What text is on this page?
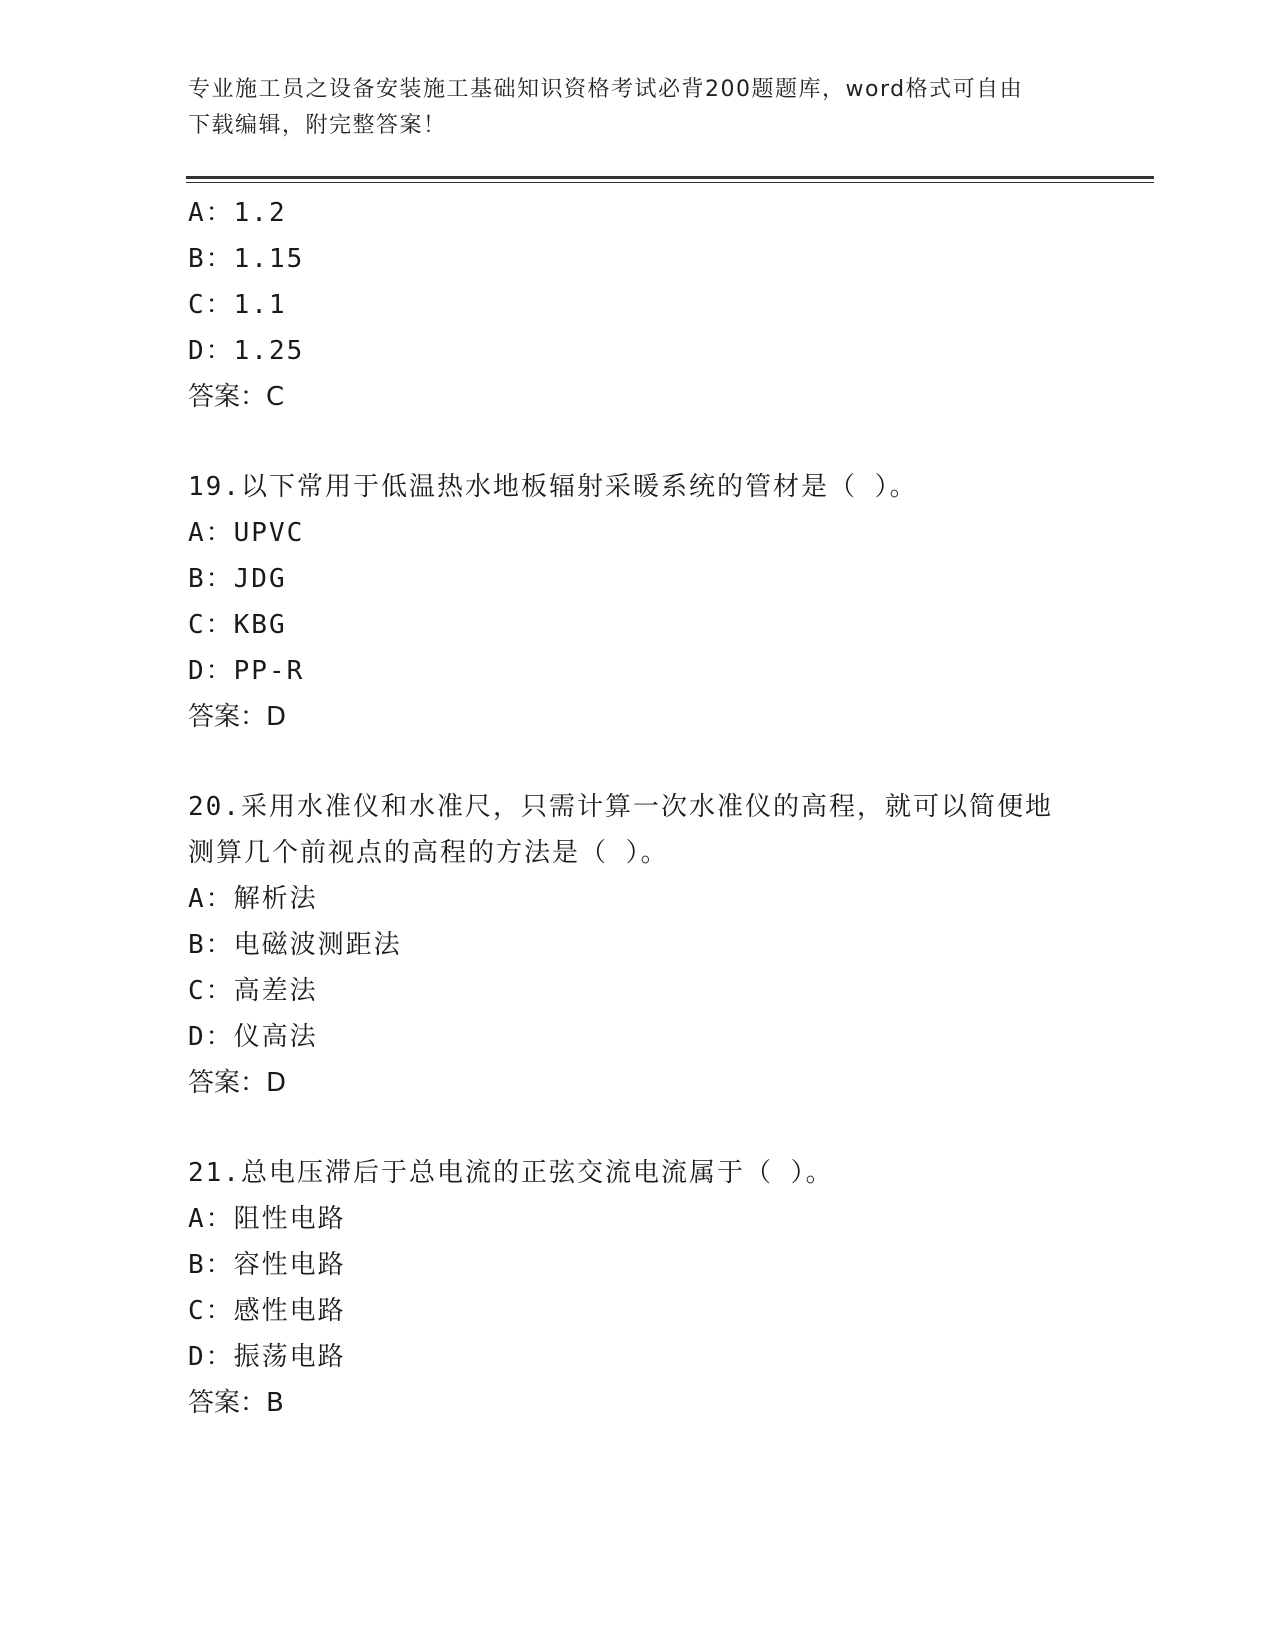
专业施工员之设备安装施工基础知识资格考试必背200题题库，word格式可自由
下载编辑，附完整答案！
A：1.2
B：1.15
C：1.1
D：1.25
答案：C
19.以下常用于低温热水地板辐射采暖系统的管材是（ ）。
A：UPVC
B：JDG
C：KBG
D：PP-R
答案：D
20.采用水准仪和水准尺，只需计算一次水准仪的高程，就可以简便地
测算几个前视点的高程的方法是（ ）。
A：解析法
B：电磁波测距法
C：高差法
D：仪高法
答案：D
21.总电压滞后于总电流的正弦交流电流属于（ ）。
A：阻性电路
B：容性电路
C：感性电路
D：振荡电路
答案：B
